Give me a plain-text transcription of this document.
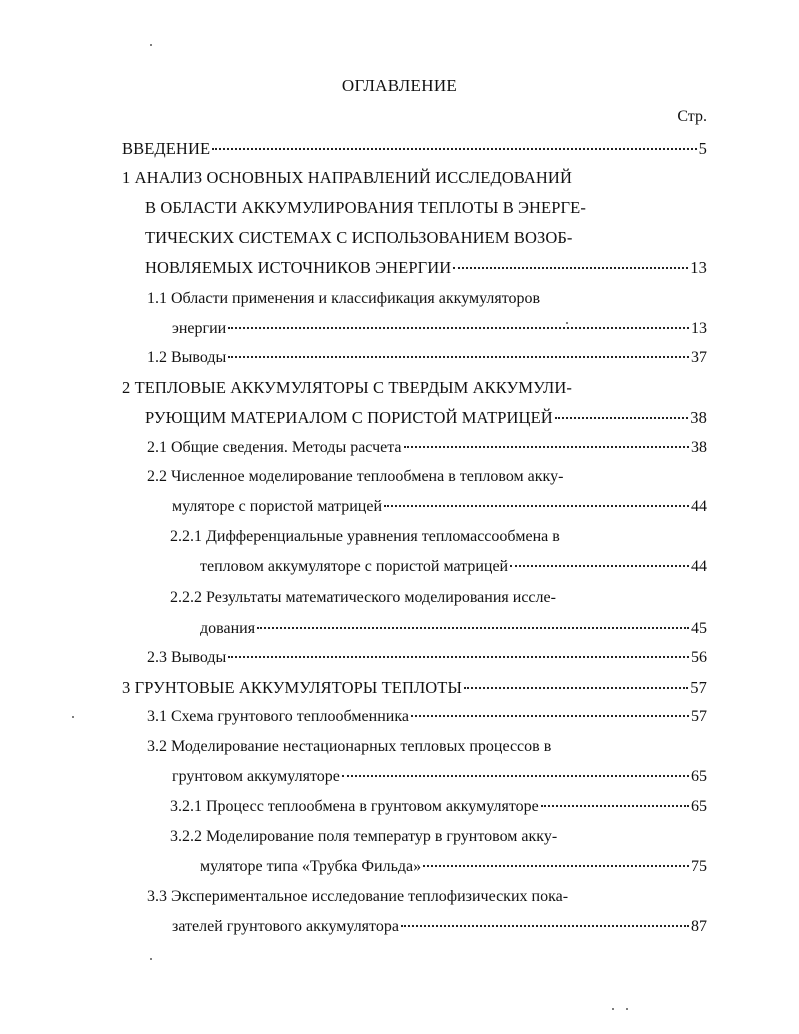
ОГЛАВЛЕНИЕ
Стр.
ВВЕДЕНИЕ	5
1 АНАЛИЗ ОСНОВНЫХ НАПРАВЛЕНИЙ ИССЛЕДОВАНИЙ
В ОБЛАСТИ АККУМУЛИРОВАНИЯ ТЕПЛОТЫ В ЭНЕРГЕ-
ТИЧЕСКИХ СИСТЕМАХ С ИСПОЛЬЗОВАНИЕМ ВОЗОБ-
НОВЛЯЕМЫХ ИСТОЧНИКОВ ЭНЕРГИИ	13
1.1 Области применения и классификация аккумуляторов
энергии	13
1.2 Выводы	37
2 ТЕПЛОВЫЕ АККУМУЛЯТОРЫ С ТВЕРДЫМ АККУМУЛИ-
РУЮЩИМ МАТЕРИАЛОМ С ПОРИСТОЙ МАТРИЦЕЙ	38
2.1 Общие сведения. Методы расчета	38
2.2 Численное моделирование теплообмена в тепловом акку-
муляторе с пористой матрицей	44
2.2.1 Дифференциальные уравнения тепломассообмена в
тепловом аккумуляторе с пористой матрицей	44
2.2.2 Результаты математического моделирования иссле-
дования	45
2.3 Выводы	56
3 ГРУНТОВЫЕ АККУМУЛЯТОРЫ ТЕПЛОТЫ	57
3.1 Схема грунтового теплообменника	57
3.2 Моделирование нестационарных тепловых процессов в
грунтовом аккумуляторе	65
3.2.1 Процесс теплообмена в грунтовом аккумуляторе	65
3.2.2 Моделирование поля температур в грунтовом акку-
муляторе типа «Трубка Фильда»	75
3.3 Экспериментальное исследование теплофизических пока-
зателей грунтового аккумулятора	87
